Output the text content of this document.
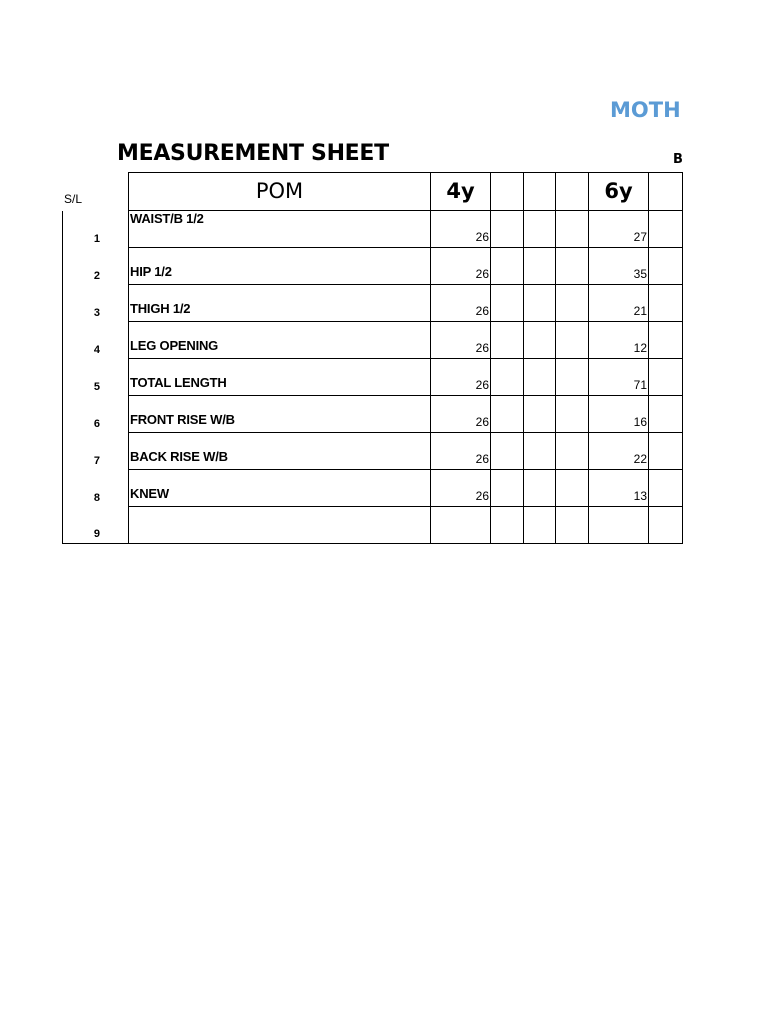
MOTH
MEASUREMENT SHEET	B
S/L

	POM	4y				6y	

1	WAIST/B 1/2	26				27	

2	HIP 1/2	26				35	

3	THIGH 1/2	26				21	

4	LEG OPENING	26				12	

5	TOTAL LENGTH	26				71	

6	FRONT RISE W/B	26				16	

7	BACK RISE W/B	26				22	

8	KNEW	26				13	

9							
